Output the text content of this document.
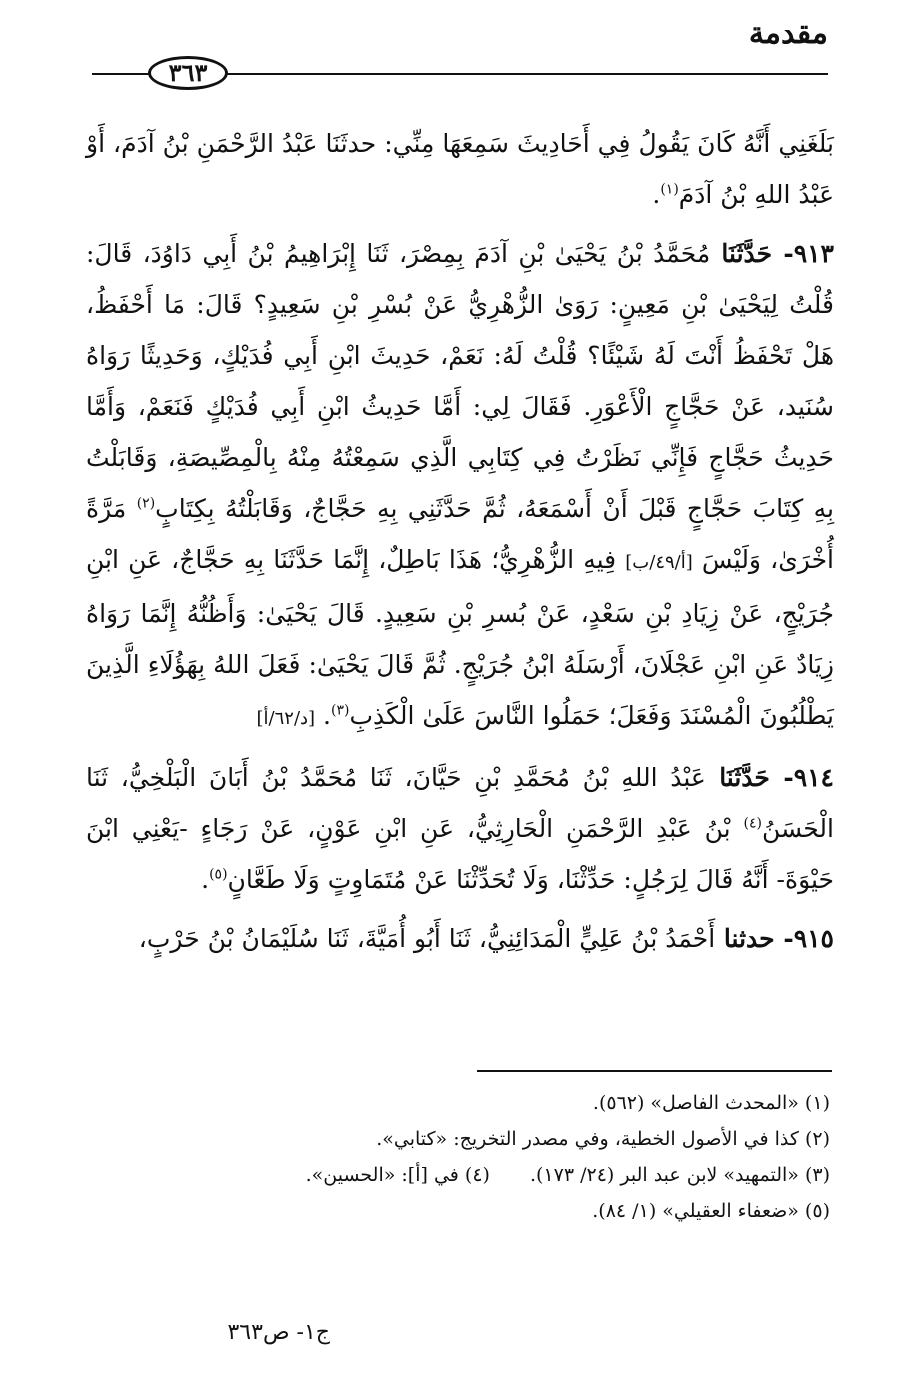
مقدمة
٣٦٣

بَلَغَنِي أَنَّهُ كَانَ يَقُولُ فِي أَحَادِيثَ سَمِعَهَا مِنِّي: حدثَنَا عَبْدُ الرَّحْمَنِ بْنُ آدَمَ، أَوْ عَبْدُ اللهِ بْنُ آدَمَ$^{(١)}$.

٩١٣- حَدَّثَنَا مُحَمَّدُ بْنُ يَحْيَىٰ بْنِ آدَمَ بِمِصْرَ، ثَنَا إِبْرَاهِيمُ بْنُ أَبِي دَاوُدَ، قَالَ: قُلْتُ لِيَحْيَىٰ بْنِ مَعِينٍ: رَوَىٰ الزُّهْرِيُّ عَنْ بُسْرِ بْنِ سَعِيدٍ؟ قَالَ: مَا أَحْفَظُ، هَلْ تَحْفَظُ أَنْتَ لَهُ شَيْئًا؟ قُلْتُ لَهُ: نَعَمْ، حَدِيثَ ابْنِ أَبِي فُدَيْكٍ، وَحَدِيثًا رَوَاهُ سُنَيد، عَنْ حَجَّاجٍ الْأَعْوَرِ. فَقَالَ لِي: أَمَّا حَدِيثُ ابْنِ أَبِي فُدَيْكٍ فَنَعَمْ، وَأَمَّا حَدِيثُ حَجَّاجٍ فَإِنِّي نَظَرْتُ فِي كِتَابِي الَّذِي سَمِعْتُهُ مِنْهُ بِالْمِصِّيصَةِ، وَقَابَلْتُ بِهِ كِتَابَ حَجَّاجٍ قَبْلَ أَنْ أَسْمَعَهُ، ثُمَّ حَدَّثَنِي بِهِ حَجَّاجٌ، وَقَابَلْتُهُ بِكِتَابٍ$^{(٢)}$ مَرَّةً أُخْرَىٰ، وَلَيْسَ [أ/٤٩/ب] فِيهِ الزُّهْرِيُّ؛ هَذَا بَاطِلٌ، إِنَّمَا حَدَّثَنَا بِهِ حَجَّاجٌ، عَنِ ابْنِ جُرَيْجٍ، عَنْ زِيَادِ بْنِ سَعْدٍ، عَنْ بُسرِ بْنِ سَعِيدٍ. قَالَ يَحْيَىٰ: وَأَظُنُّهُ إِنَّمَا رَوَاهُ زِيَادٌ عَنِ ابْنِ عَجْلَانَ، أَرْسَلَهُ ابْنُ جُرَيْجٍ. ثُمَّ قَالَ يَحْيَىٰ: فَعَلَ اللهُ بِهَؤُلَاءِ الَّذِينَ يَطْلُبُونَ الْمُسْنَدَ وَفَعَلَ؛ حَمَلُوا النَّاسَ عَلَىٰ الْكَذِبِ$^{(٣)}$. [د/٦٢/أ]

٩١٤- حَدَّثَنَا عَبْدُ اللهِ بْنُ مُحَمَّدِ بْنِ حَيَّانَ، ثَنَا مُحَمَّدُ بْنُ أَبَانَ الْبَلْخِيُّ، ثَنَا الْحَسَنُ$^{(٤)}$ بْنُ عَبْدِ الرَّحْمَنِ الْحَارِثِيُّ، عَنِ ابْنِ عَوْنٍ، عَنْ رَجَاءٍ -يَعْنِي ابْنَ حَيْوَةَ- أَنَّهُ قَالَ لِرَجُلٍ: حَدِّثْنَا، وَلَا تُحَدِّثْنَا عَنْ مُتَمَاوِتٍ وَلَا طَعَّانٍ$^{(٥)}$.

٩١٥- حدثنا أَحْمَدُ بْنُ عَلِيٍّ الْمَدَائِنِيُّ، ثَنَا أَبُو أُمَيَّةَ، ثَنَا سُلَيْمَانُ بْنُ حَرْبٍ،

(١) «المحدث الفاصل» (٥٦٢).

(٢) كذا في الأصول الخطية، وفي مصدر التخريج: «كتابي».

(٣) «التمهيد» لابن عبد البر (٢٤/ ١٧٣).(٤) في [أ]: «الحسين».

(٥) «ضعفاء العقيلي» (١/ ٨٤).

ج١- ص٣٦٣
